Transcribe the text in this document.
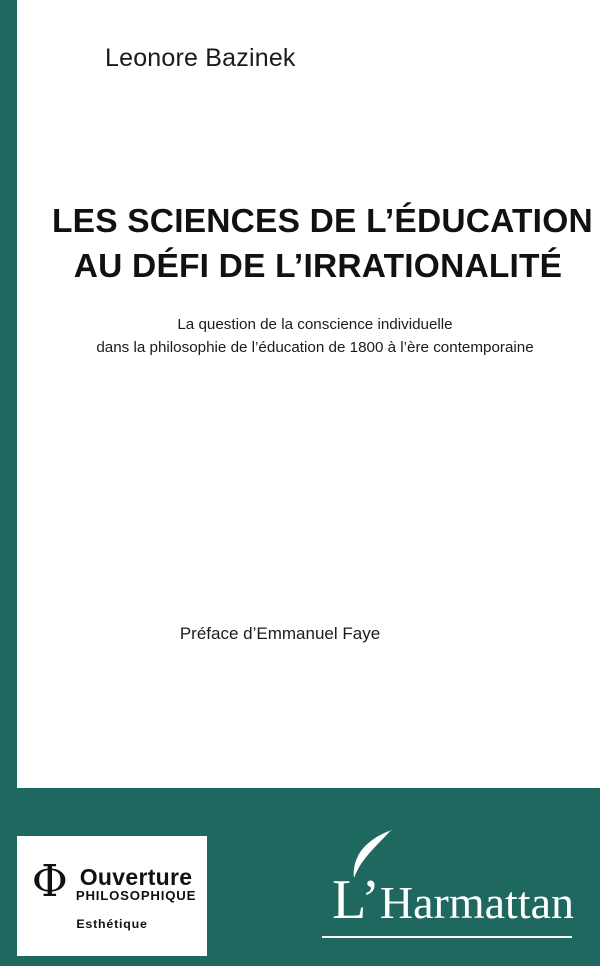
Leonore Bazinek
LES SCIENCES DE L’ÉDUCATION
AU DÉFI DE L’IRRATIONALITÉ
La question de la conscience individuelle
dans la philosophie de l’éducation de 1800 à l’ère contemporaine
Préface d’Emmanuel Faye
Φ Ouverture
PHILOSOPHIQUE
Esthétique	L’Harmattan
